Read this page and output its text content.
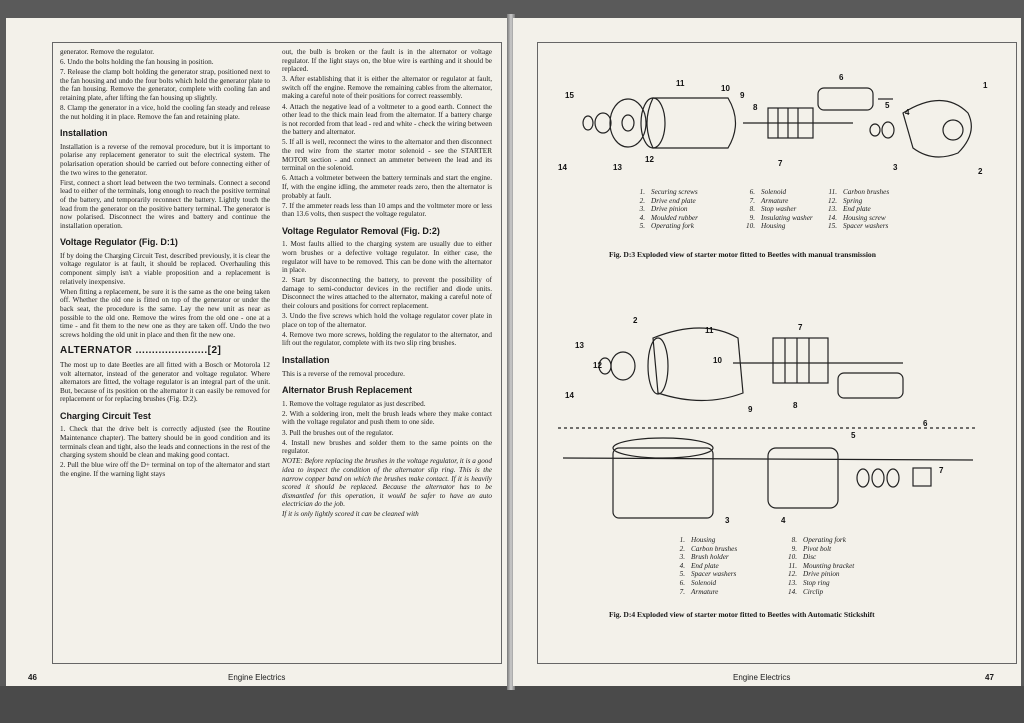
generator. Remove the regulator.

6. Undo the bolts holding the fan housing in position.

7. Release the clamp bolt holding the generator strap, positioned next to the fan housing and undo the four bolts which hold the generator plate to the fan housing. Remove the generator, complete with cooling fan and retaining plate, after lifting the fan housing up slightly.

8. Clamp the generator in a vice, hold the cooling fan steady and release the nut holding it in place. Remove the fan and retaining plate.

Installation

Installation is a reverse of the removal procedure, but it is important to polarise any replacement generator to suit the electrical system. The polarisation operation should be carried out before connecting either of the two wires to the generator.

First, connect a short lead between the two terminals. Connect a second lead to either of the terminals, long enough to reach the positive terminal of the battery, and temporarily reconnect the battery. Lightly touch the lead from the generator on the positive battery terminal. The generator is now polarised. Disconnect the wires and battery and continue the installation operation.

Voltage Regulator (Fig. D:1)

If by doing the Charging Circuit Test, described previously, it is clear the voltage regulator is at fault, it should be replaced. Overhauling this component simply isn't a viable proposition and a replacement is relatively inexpensive.

When fitting a replacement, be sure it is the same as the one being taken off. Whether the old one is fitted on top of the generator or under the back seat, the procedure is the same. Lay the new unit as near as possible to the old one. Remove the wires from the old one - one at a time - and fit them to the new one as they are taken off. Undo the two screws holding the old unit in place and then fit the new one.

ALTERNATOR ......................[2]

The most up to date Beetles are all fitted with a Bosch or Motorola 12 volt alternator, instead of the generator and voltage regulator. Where alternators are fitted, the voltage regulator is an integral part of the unit. But, because of its position on the alternator it can easily be removed for replacement or for replacing brushes (Fig. D:2).

Charging Circuit Test

1. Check that the drive belt is correctly adjusted (see the Routine Maintenance chapter). The battery should be in good condition and its terminals clean and tight, also the leads and connections in the rest of the charging system should be clean and making good contact.

2. Pull the blue wire off the D+ terminal on top of the alternator and start the engine. If the warning light stays

out, the bulb is broken or the fault is in the alternator or voltage regulator. If the light stays on, the blue wire is earthing and it should be replaced.

3. After establishing that it is either the alternator or regulator at fault, switch off the engine. Remove the remaining cables from the alternator, making a careful note of their positions for correct reassembly.

4. Attach the negative lead of a voltmeter to a good earth. Connect the other lead to the thick main lead from the alternator. If a battery charge is not recorded from that lead - red and white - check the wiring between the battery and alternator.

5. If all is well, reconnect the wires to the alternator and then disconnect the red wire from the starter motor solenoid - see the STARTER MOTOR section - and connect an ammeter between the lead and its terminal on the solenoid.

6. Attach a voltmeter between the battery terminals and start the engine. If, with the engine idling, the ammeter reads zero, then the alternator is probably at fault.

7. If the ammeter reads less than 10 amps and the voltmeter more or less than 13.6 volts, then suspect the voltage regulator.

Voltage Regulator Removal (Fig. D:2)

1. Most faults allied to the charging system are usually due to either worn brushes or a defective voltage regulator. In either case, the regulator will have to be removed. This can be done with the alternator in place.

2. Start by disconnecting the battery, to prevent the possibility of damage to semi-conductor devices in the rectifier and diode units. Disconnect the wires attached to the alternator, making a careful note of their colours and positions for correct replacement.

3. Undo the five screws which hold the voltage regulator cover plate in place on top of the alternator.

4. Remove two more screws, holding the regulator to the alternator, and lift out the regulator, complete with its two slip ring brushes.

Installation

This is a reverse of the removal procedure.

Alternator Brush Replacement

1. Remove the voltage regulator as just described.

2. With a soldering iron, melt the brush leads where they make contact with the voltage regulator and push them to one side.

3. Pull the brushes out of the regulator.

4. Install new brushes and solder them to the same points on the regulator.

NOTE: Before replacing the brushes in the voltage regulator, it is a good idea to inspect the condition of the alternator slip ring. This is the narrow copper band on which the brushes make contact. If it is heavily scored it should be replaced. Because the alternator has to be dismantled for this operation, it would be safer to have an auto electrician do the job.

If it is only lightly scored it can be cleaned with

46	Engine Electrics
15
11
10
9
6
1
8	5
4
14	13
12	7	3	2
1. Securing screws
2. Drive end plate
3. Drive pinion
4. Moulded rubber
5. Operating fork
6. Solenoid
7. Armature
8. Stop washer
9. Insulating washer
10. Housing
11. Carbon brushes
12. Spring
13. End plate
14. Housing screw
15. Spacer washers
Fig. D:3 Exploded view of starter motor fitted to Beetles with manual transmission
2
11	7
13
12
10
14
9	8
6
5
3	4
7
1. Housing
2. Carbon brushes
3. Brush holder
4. End plate
5. Spacer washers
6. Solenoid
7. Armature
8. Operating fork
9. Pivot bolt
10. Disc
11. Mounting bracket
12. Drive pinion
13. Stop ring
14. Circlip
Fig. D:4 Exploded view of starter motor fitted to Beetles with Automatic Stickshift
Engine Electrics	47
